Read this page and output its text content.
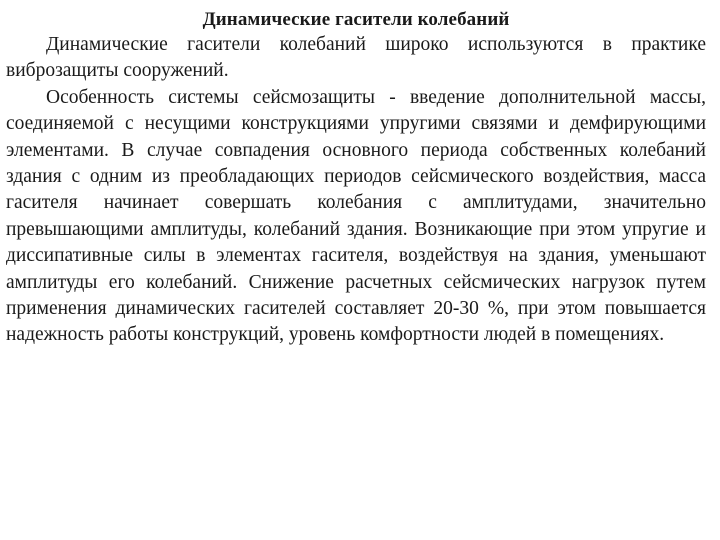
Динамические гасители колебаний

Динамические гасители колебаний широко используются в практике виброзащиты сооружений.

Особенность системы сейсмозащиты - введение дополнительной массы, соединяемой с несущими конструкциями упругими связями и демфирующими элементами. В случае совпадения основного периода собственных колебаний здания с одним из преобладающих периодов сейсмического воздействия, масса гасителя начинает совершать колебания с амплитудами, значительно превышающими амплитуды, колебаний здания. Возникающие при этом упругие и диссипативные силы в элементах гасителя, воздействуя на здания, уменьшают амплитуды его колебаний. Снижение расчетных сейсмических нагрузок путем применения динамических гасителей составляет 20-30 %, при этом повышается надежность работы конструкций, уровень комфортности людей в помещениях.
